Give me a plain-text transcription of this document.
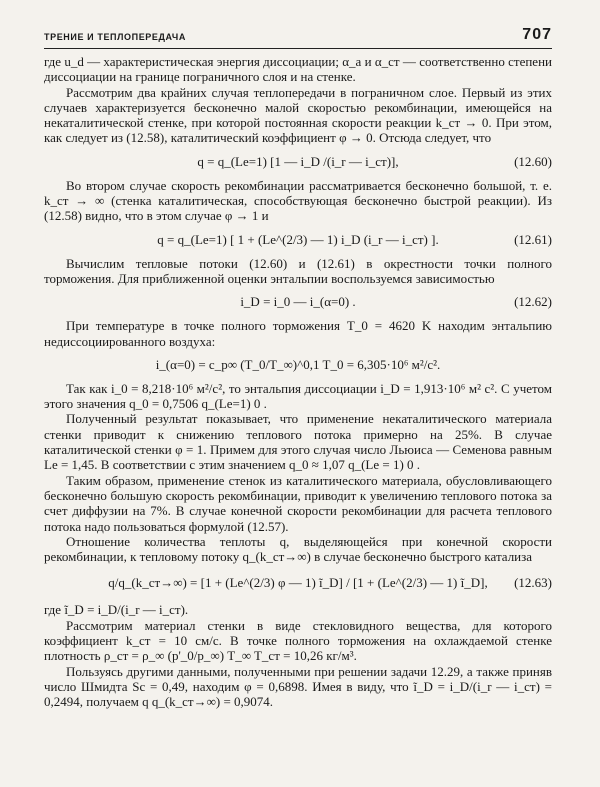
ТРЕНИЕ И ТЕПЛОПЕРЕДАЧА	707

где u_d — характеристическая энергия диссоциации; α_а и α_ст — соответственно степени диссоциации на границе пограничного слоя и на стенке.

Рассмотрим два крайних случая теплопередачи в пограничном слое. Первый из этих случаев характеризуется бесконечно малой скоростью рекомбинации, имеющейся на некаталитической стенке, при которой постоянная скорости реакции k_ст → 0. При этом, как следует из (12.58), каталитический коэффициент φ → 0. Отсюда следует, что

q = q_(Le=1) [1 — i_D /(i_r — i_ст)],	(12.60)

Во втором случае скорость рекомбинации рассматривается бесконечно большой, т. е. k_ст → ∞ (стенка каталитическая, способствующая бесконечно быстрой реакции). Из (12.58) видно, что в этом случае φ → 1 и

q = q_(Le=1) [ 1 + (Le^(2/3) — 1) i_D (i_r — i_ст) ].	(12.61)

Вычислим тепловые потоки (12.60) и (12.61) в окрестности точки полного торможения. Для приближенной оценки энтальпии воспользуемся зависимостью

i_D = i_0 — i_(α=0) .	(12.62)

При температуре в точке полного торможения T_0 = 4620 K находим энтальпию недиссоциированного воздуха:

i_(α=0) = c_p∞ (T_0/T_∞)^0,1 T_0 = 6,305·10⁶ м²/с².

Так как i_0 = 8,218·10⁶ м²/с², то энтальпия диссоциации i_D = 1,913·10⁶ м² с². С учетом этого значения q_0 = 0,7506 q_(Le=1) 0 .

Полученный результат показывает, что применение некаталитического материала стенки приводит к снижению теплового потока примерно на 25%. В случае каталитической стенки φ = 1. Примем для этого случая число Льюиса — Семенова равным Le = 1,45. В соответствии с этим значением q_0 ≈ 1,07 q_(Le = 1) 0 .

Таким образом, применение стенок из каталитического материала, обусловливающего бесконечно большую скорость рекомбинации, приводит к увеличению теплового потока за счет диффузии на 7%. В случае конечной скорости рекомбинации для расчета теплового потока надо пользоваться формулой (12.57).

Отношение количества теплоты q, выделяющейся при конечной скорости рекомбинации, к тепловому потоку q_(k_ст→∞) в случае бесконечно быстрого катализа

q/q_(k_ст→∞) = [1 + (Le^(2/3) φ — 1) ĩ_D] / [1 + (Le^(2/3) — 1) ĩ_D], (12.63)

где ĩ_D = i_D/(i_r — i_ст).

Рассмотрим материал стенки в виде стекловидного вещества, для которого коэффициент k_ст = 10 см/с. В точке полного торможения на охлаждаемой стенке плотность ρ_ст = ρ_∞ (p'_0/p_∞) T_∞ T_ст = 10,26 кг/м³.

Пользуясь другими данными, полученными при решении задачи 12.29, а также приняв число Шмидта Sc = 0,49, находим φ = 0,6898. Имея в виду, что ĩ_D = i_D/(i_r — i_ст) = 0,2494, получаем q q_(k_ст→∞) = 0,9074.
